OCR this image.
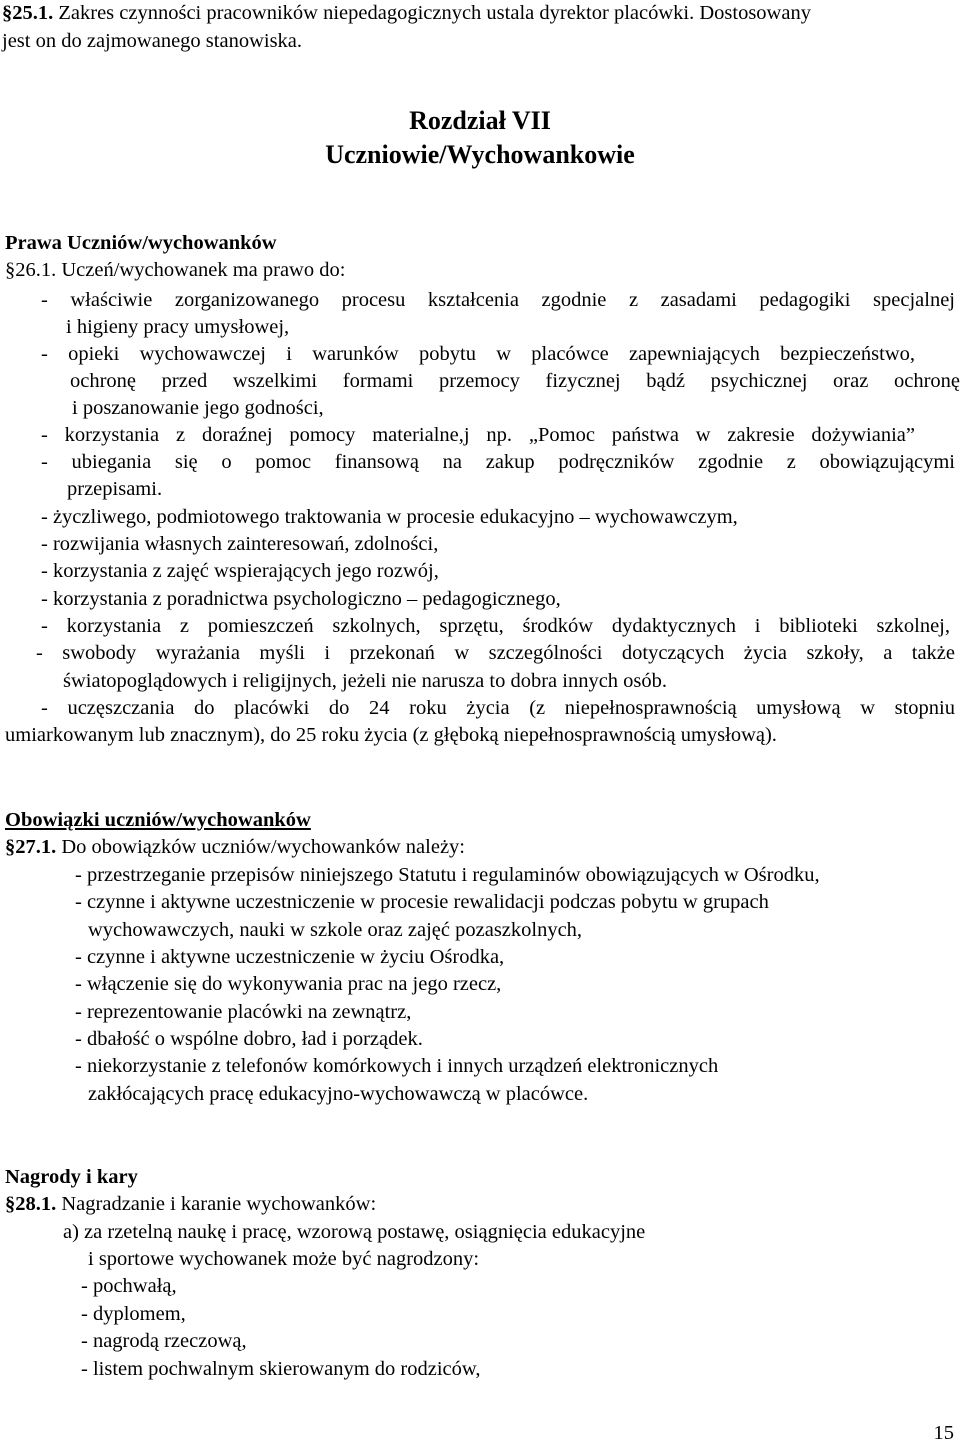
§25.1. Zakres czynności pracowników niepedagogicznych ustala dyrektor placówki. Dostosowany
jest on do zajmowanego stanowiska.
Rozdział VII
Uczniowie/Wychowankowie
Prawa Uczniów/wychowanków
§26.1. Uczeń/wychowanek ma prawo do:
- właściwie zorganizowanego procesu kształcenia zgodnie z zasadami pedagogiki specjalnej
i higieny pracy umysłowej,
- opieki wychowawczej i warunków pobytu w placówce zapewniających bezpieczeństwo,
ochronę przed wszelkimi formami przemocy fizycznej bądź psychicznej oraz ochronę
i poszanowanie jego godności,
- korzystania z doraźnej pomocy materialne,j np. „Pomoc państwa w zakresie dożywiania”
- ubiegania się o pomoc finansową na zakup podręczników zgodnie z obowiązującymi
przepisami.
- życzliwego, podmiotowego traktowania w procesie edukacyjno – wychowawczym,
- rozwijania własnych zainteresowań, zdolności,
- korzystania z zajęć wspierających jego rozwój,
- korzystania z poradnictwa psychologiczno – pedagogicznego,
- korzystania z pomieszczeń szkolnych, sprzętu, środków dydaktycznych i biblioteki szkolnej,
- swobody wyrażania myśli i przekonań w szczególności dotyczących życia szkoły, a także
światopoglądowych i religijnych, jeżeli nie narusza to dobra innych osób.
- uczęszczania do placówki do 24 roku życia (z niepełnosprawnością umysłową w stopniu
umiarkowanym lub znacznym), do 25 roku życia (z głęboką niepełnosprawnością umysłową).
Obowiązki uczniów/wychowanków
§27.1. Do obowiązków uczniów/wychowanków należy:
- przestrzeganie przepisów niniejszego Statutu i regulaminów obowiązujących w Ośrodku,
- czynne i aktywne uczestniczenie w procesie rewalidacji podczas pobytu w grupach
wychowawczych, nauki w szkole oraz zajęć pozaszkolnych,
- czynne i aktywne uczestniczenie w życiu Ośrodka,
- włączenie się do wykonywania prac na jego rzecz,
- reprezentowanie placówki na zewnątrz,
- dbałość o wspólne dobro, ład i porządek.
- niekorzystanie z telefonów komórkowych i innych urządzeń elektronicznych
zakłócających pracę edukacyjno-wychowawczą w placówce.
Nagrody i kary
§28.1. Nagradzanie i karanie wychowanków:
a) za rzetelną naukę i pracę, wzorową postawę, osiągnięcia edukacyjne
i sportowe wychowanek może być nagrodzony:
- pochwałą,
- dyplomem,
- nagrodą rzeczową,
- listem pochwalnym skierowanym do rodziców,
15
